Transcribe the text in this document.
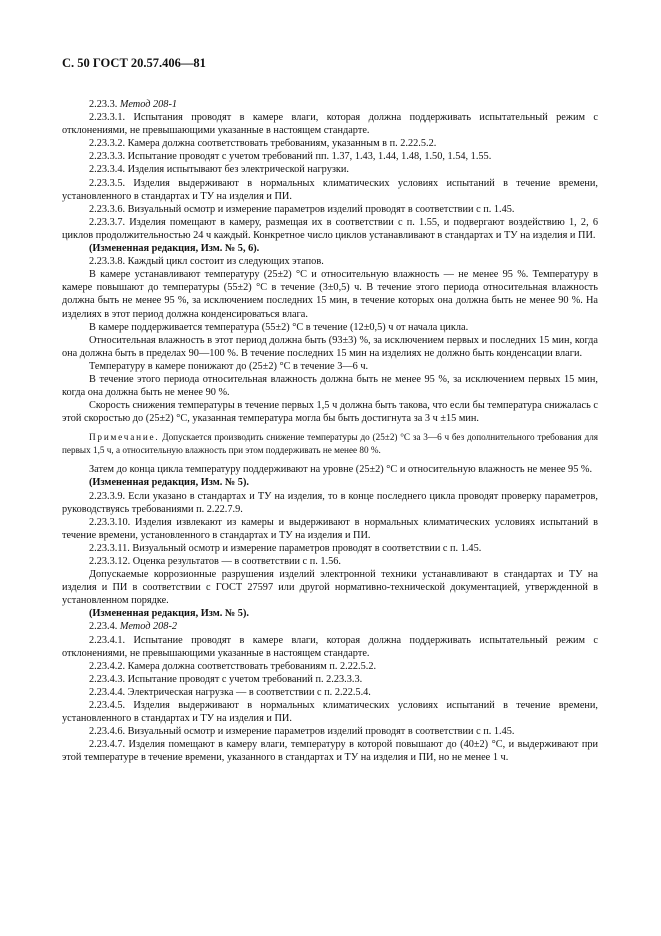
С. 50 ГОСТ 20.57.406—81

2.23.3. Метод 208-1

2.23.3.1. Испытания проводят в камере влаги, которая должна поддерживать испытательный режим с отклонениями, не превышающими указанные в настоящем стандарте.

2.23.3.2. Камера должна соответствовать требованиям, указанным в п. 2.22.5.2.

2.23.3.3. Испытание проводят с учетом требований пп. 1.37, 1.43, 1.44, 1.48, 1.50, 1.54, 1.55.

2.23.3.4. Изделия испытывают без электрической нагрузки.

2.23.3.5. Изделия выдерживают в нормальных климатических условиях испытаний в течение времени, установленного в стандартах и ТУ на изделия и ПИ.

2.23.3.6. Визуальный осмотр и измерение параметров изделий проводят в соответствии с п. 1.45.

2.23.3.7. Изделия помещают в камеру, размещая их в соответствии с п. 1.55, и подвергают воздействию 1, 2, 6 циклов продолжительностью 24 ч каждый. Конкретное число циклов устанавливают в стандартах и ТУ на изделия и ПИ.

(Измененная редакция, Изм. № 5, 6).

2.23.3.8. Каждый цикл состоит из следующих этапов.

В камере устанавливают температуру (25±2) °С и относительную влажность — не менее 95 %. Температуру в камере повышают до температуры (55±2) °С в течение (3±0,5) ч. В течение этого периода относительная влажность должна быть не менее 95 %, за исключением последних 15 мин, в течение которых она должна быть не менее 90 %. На изделиях в этот период должна конденсироваться влага.

В камере поддерживается температура (55±2) °С в течение (12±0,5) ч от начала цикла.

Относительная влажность в этот период должна быть (93±3) %, за исключением первых и последних 15 мин, когда она должна быть в пределах 90—100 %. В течение последних 15 мин на изделиях не должно быть конденсации влаги.

Температуру в камере понижают до (25±2) °С в течение 3—6 ч.

В течение этого периода относительная влажность должна быть не менее 95 %, за исключением первых 15 мин, когда она должна быть не менее 90 %.

Скорость снижения температуры в течение первых 1,5 ч должна быть такова, что если бы температура снижалась с этой скоростью до (25±2) °С, указанная температура могла бы быть достигнута за 3 ч ±15 мин.

Примечание. Допускается производить снижение температуры до (25±2) °С за 3—6 ч без дополнительного требования для первых 1,5 ч, а относительную влажность при этом поддерживать не менее 80 %.

Затем до конца цикла температуру поддерживают на уровне (25±2) °С и относительную влажность не менее 95 %.

(Измененная редакция, Изм. № 5).

2.23.3.9. Если указано в стандартах и ТУ на изделия, то в конце последнего цикла проводят проверку параметров, руководствуясь требованиями п. 2.22.7.9.

2.23.3.10. Изделия извлекают из камеры и выдерживают в нормальных климатических условиях испытаний в течение времени, установленного в стандартах и ТУ на изделия и ПИ.

2.23.3.11. Визуальный осмотр и измерение параметров проводят в соответствии с п. 1.45.

2.23.3.12. Оценка результатов — в соответствии с п. 1.56.

Допускаемые коррозионные разрушения изделий электронной техники устанавливают в стандартах и ТУ на изделия и ПИ в соответствии с ГОСТ 27597 или другой нормативно-технической документацией, утвержденной в установленном порядке.

(Измененная редакция, Изм. № 5).

2.23.4. Метод 208-2

2.23.4.1. Испытание проводят в камере влаги, которая должна поддерживать испытательный режим с отклонениями, не превышающими указанные в настоящем стандарте.

2.23.4.2. Камера должна соответствовать требованиям п. 2.22.5.2.

2.23.4.3. Испытание проводят с учетом требований п. 2.23.3.3.

2.23.4.4. Электрическая нагрузка — в соответствии с п. 2.22.5.4.

2.23.4.5. Изделия выдерживают в нормальных климатических условиях испытаний в течение времени, установленного в стандартах и ТУ на изделия и ПИ.

2.23.4.6. Визуальный осмотр и измерение параметров изделий проводят в соответствии с п. 1.45.

2.23.4.7. Изделия помещают в камеру влаги, температуру в которой повышают до (40±2) °С, и выдерживают при этой температуре в течение времени, указанного в стандартах и ТУ на изделия и ПИ, но не менее 1 ч.
